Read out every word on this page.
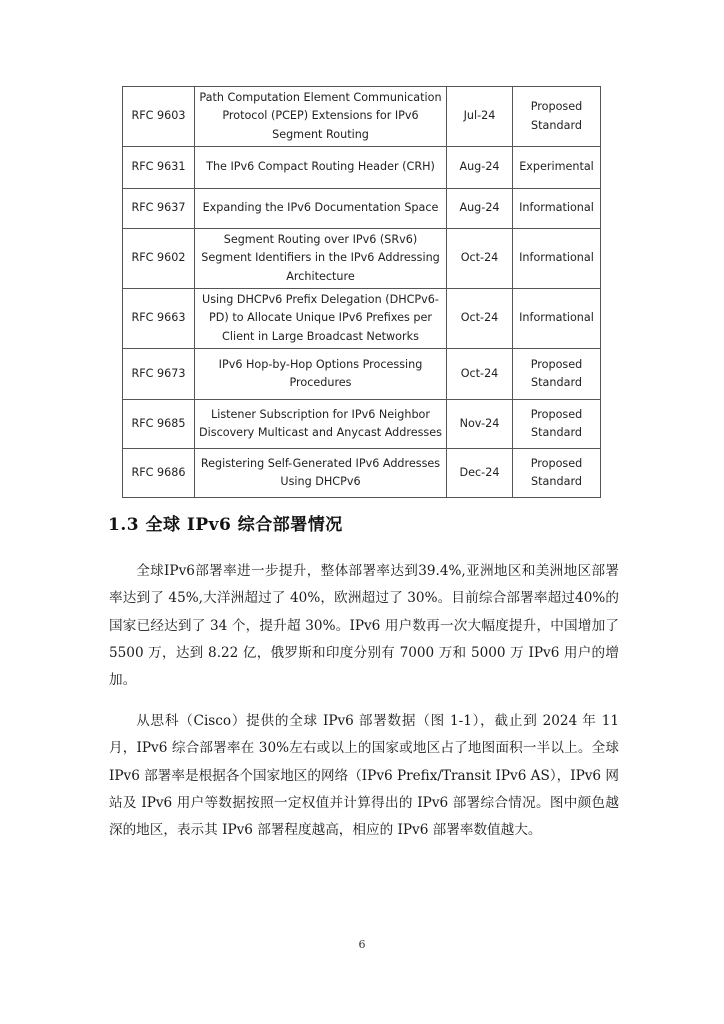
RFC 9603	Path Computation Element Communication Protocol (PCEP) Extensions for IPv6 Segment Routing	Jul-24	Proposed Standard
RFC 9631	The IPv6 Compact Routing Header (CRH)	Aug-24	Experimental
RFC 9637	Expanding the IPv6 Documentation Space	Aug-24	Informational
RFC 9602	Segment Routing over IPv6 (SRv6) Segment Identifiers in the IPv6 Addressing Architecture	Oct-24	Informational
RFC 9663	Using DHCPv6 Prefix Delegation (DHCPv6-PD) to Allocate Unique IPv6 Prefixes per Client in Large Broadcast Networks	Oct-24	Informational
RFC 9673	IPv6 Hop-by-Hop Options Processing Procedures	Oct-24	Proposed Standard
RFC 9685	Listener Subscription for IPv6 Neighbor Discovery Multicast and Anycast Addresses	Nov-24	Proposed Standard
RFC 9686	Registering Self-Generated IPv6 Addresses Using DHCPv6	Dec-24	Proposed Standard
1.3 全球 IPv6 综合部署情况

全球IPv6部署率进一步提升，整体部署率达到39.4%,亚洲地区和美洲地区部署率达到了 45%,大洋洲超过了 40%，欧洲超过了 30%。目前综合部署率超过40%的国家已经达到了 34 个，提升超 30%。IPv6 用户数再一次大幅度提升，中国增加了 5500 万，达到 8.22 亿，俄罗斯和印度分别有 7000 万和 5000 万 IPv6 用户的增加。

从思科（Cisco）提供的全球 IPv6 部署数据（图 1-1），截止到 2024 年 11 月，IPv6 综合部署率在 30%左右或以上的国家或地区占了地图面积一半以上。全球 IPv6 部署率是根据各个国家地区的网络（IPv6 Prefix/Transit IPv6 AS），IPv6 网站及 IPv6 用户等数据按照一定权值并计算得出的 IPv6 部署综合情况。图中颜色越深的地区，表示其 IPv6 部署程度越高，相应的 IPv6 部署率数值越大。

6
